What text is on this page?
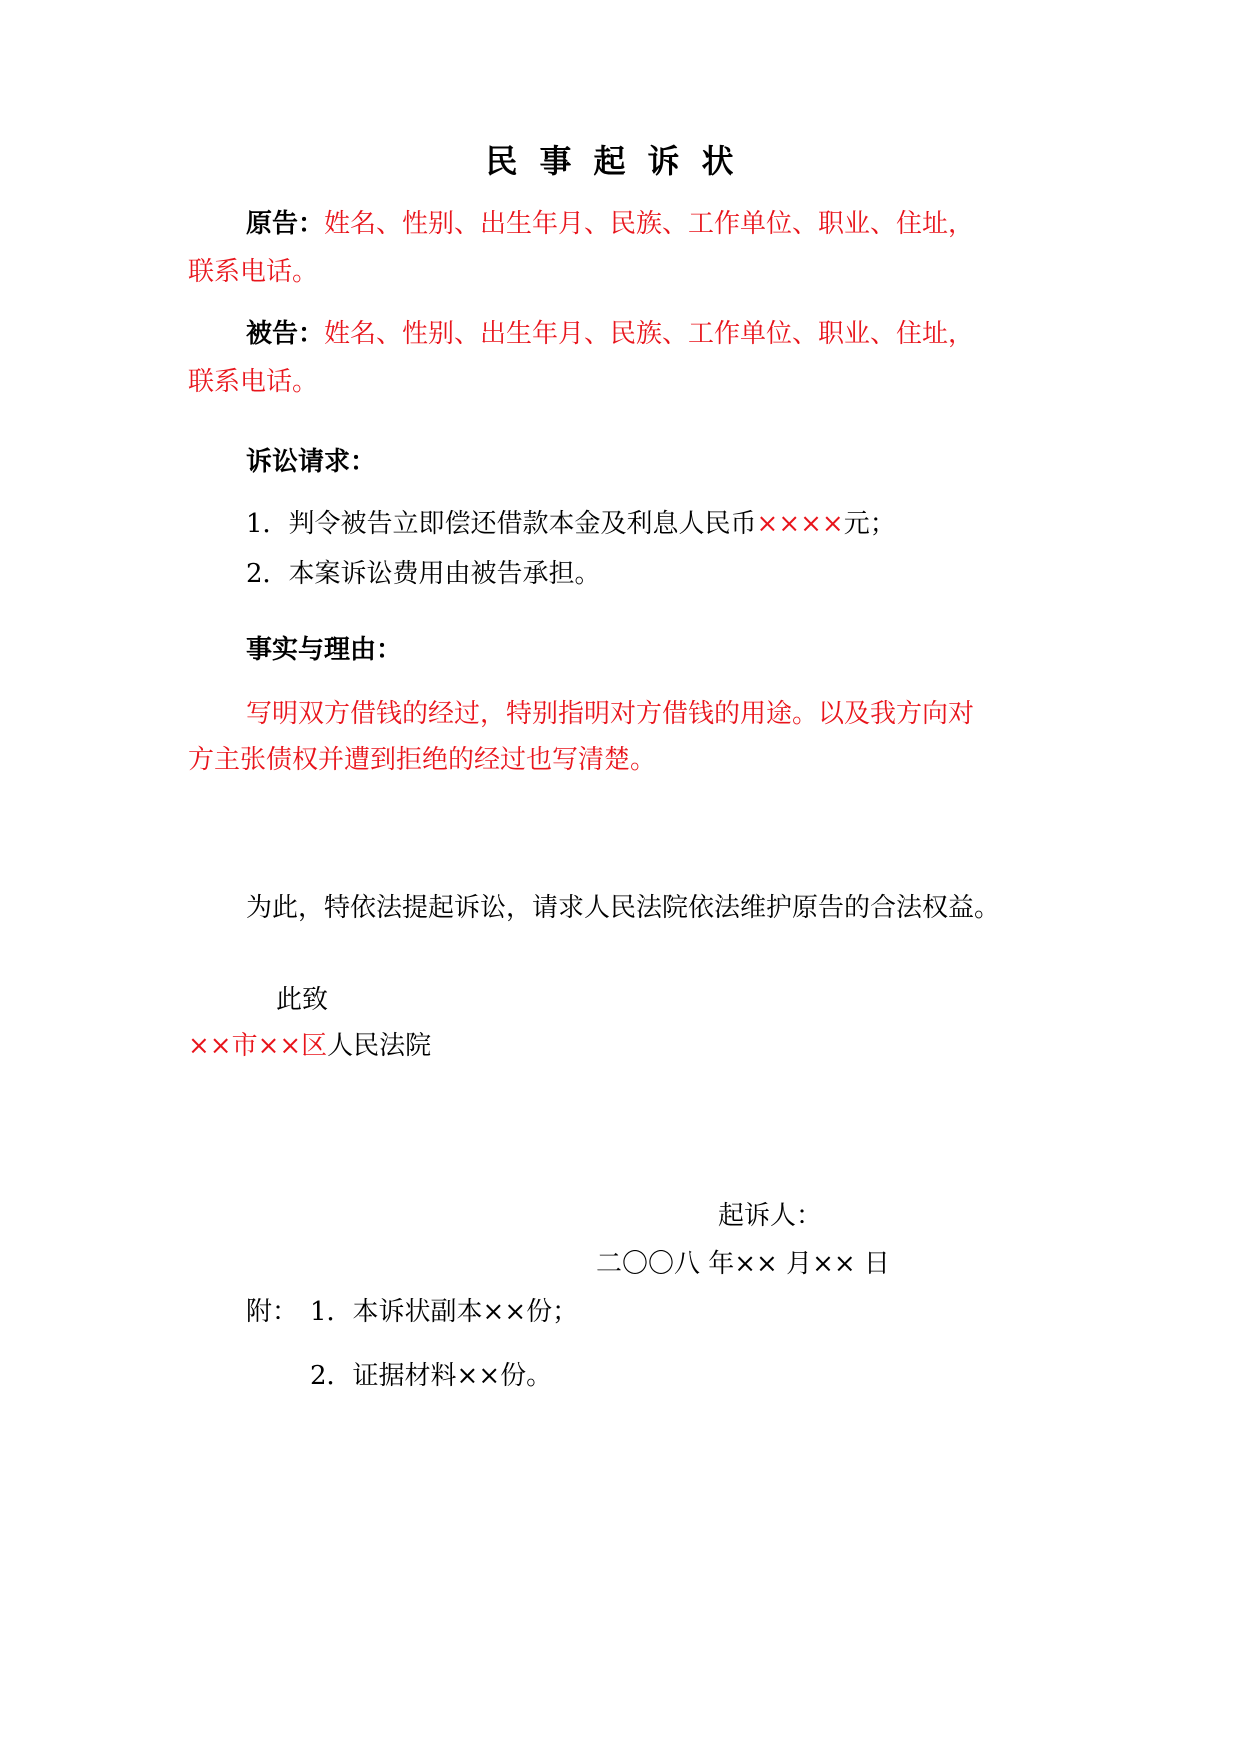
民事起诉状
原告：姓名、性别、出生年月、民族、工作单位、职业、住址，
联系电话。
被告：姓名、性别、出生年月、民族、工作单位、职业、住址，
联系电话。
诉讼请求：
1．判令被告立即偿还借款本金及利息人民币××××元；
2．本案诉讼费用由被告承担。
事实与理由：
写明双方借钱的经过，特别指明对方借钱的用途。以及我方向对
方主张债权并遭到拒绝的经过也写清楚。
为此，特依法提起诉讼，请求人民法院依法维护原告的合法权益。
此致
××市××区人民法院
起诉人：
二〇〇八 年×× 月×× 日
附： 1．本诉状副本××份；
2．证据材料××份。
